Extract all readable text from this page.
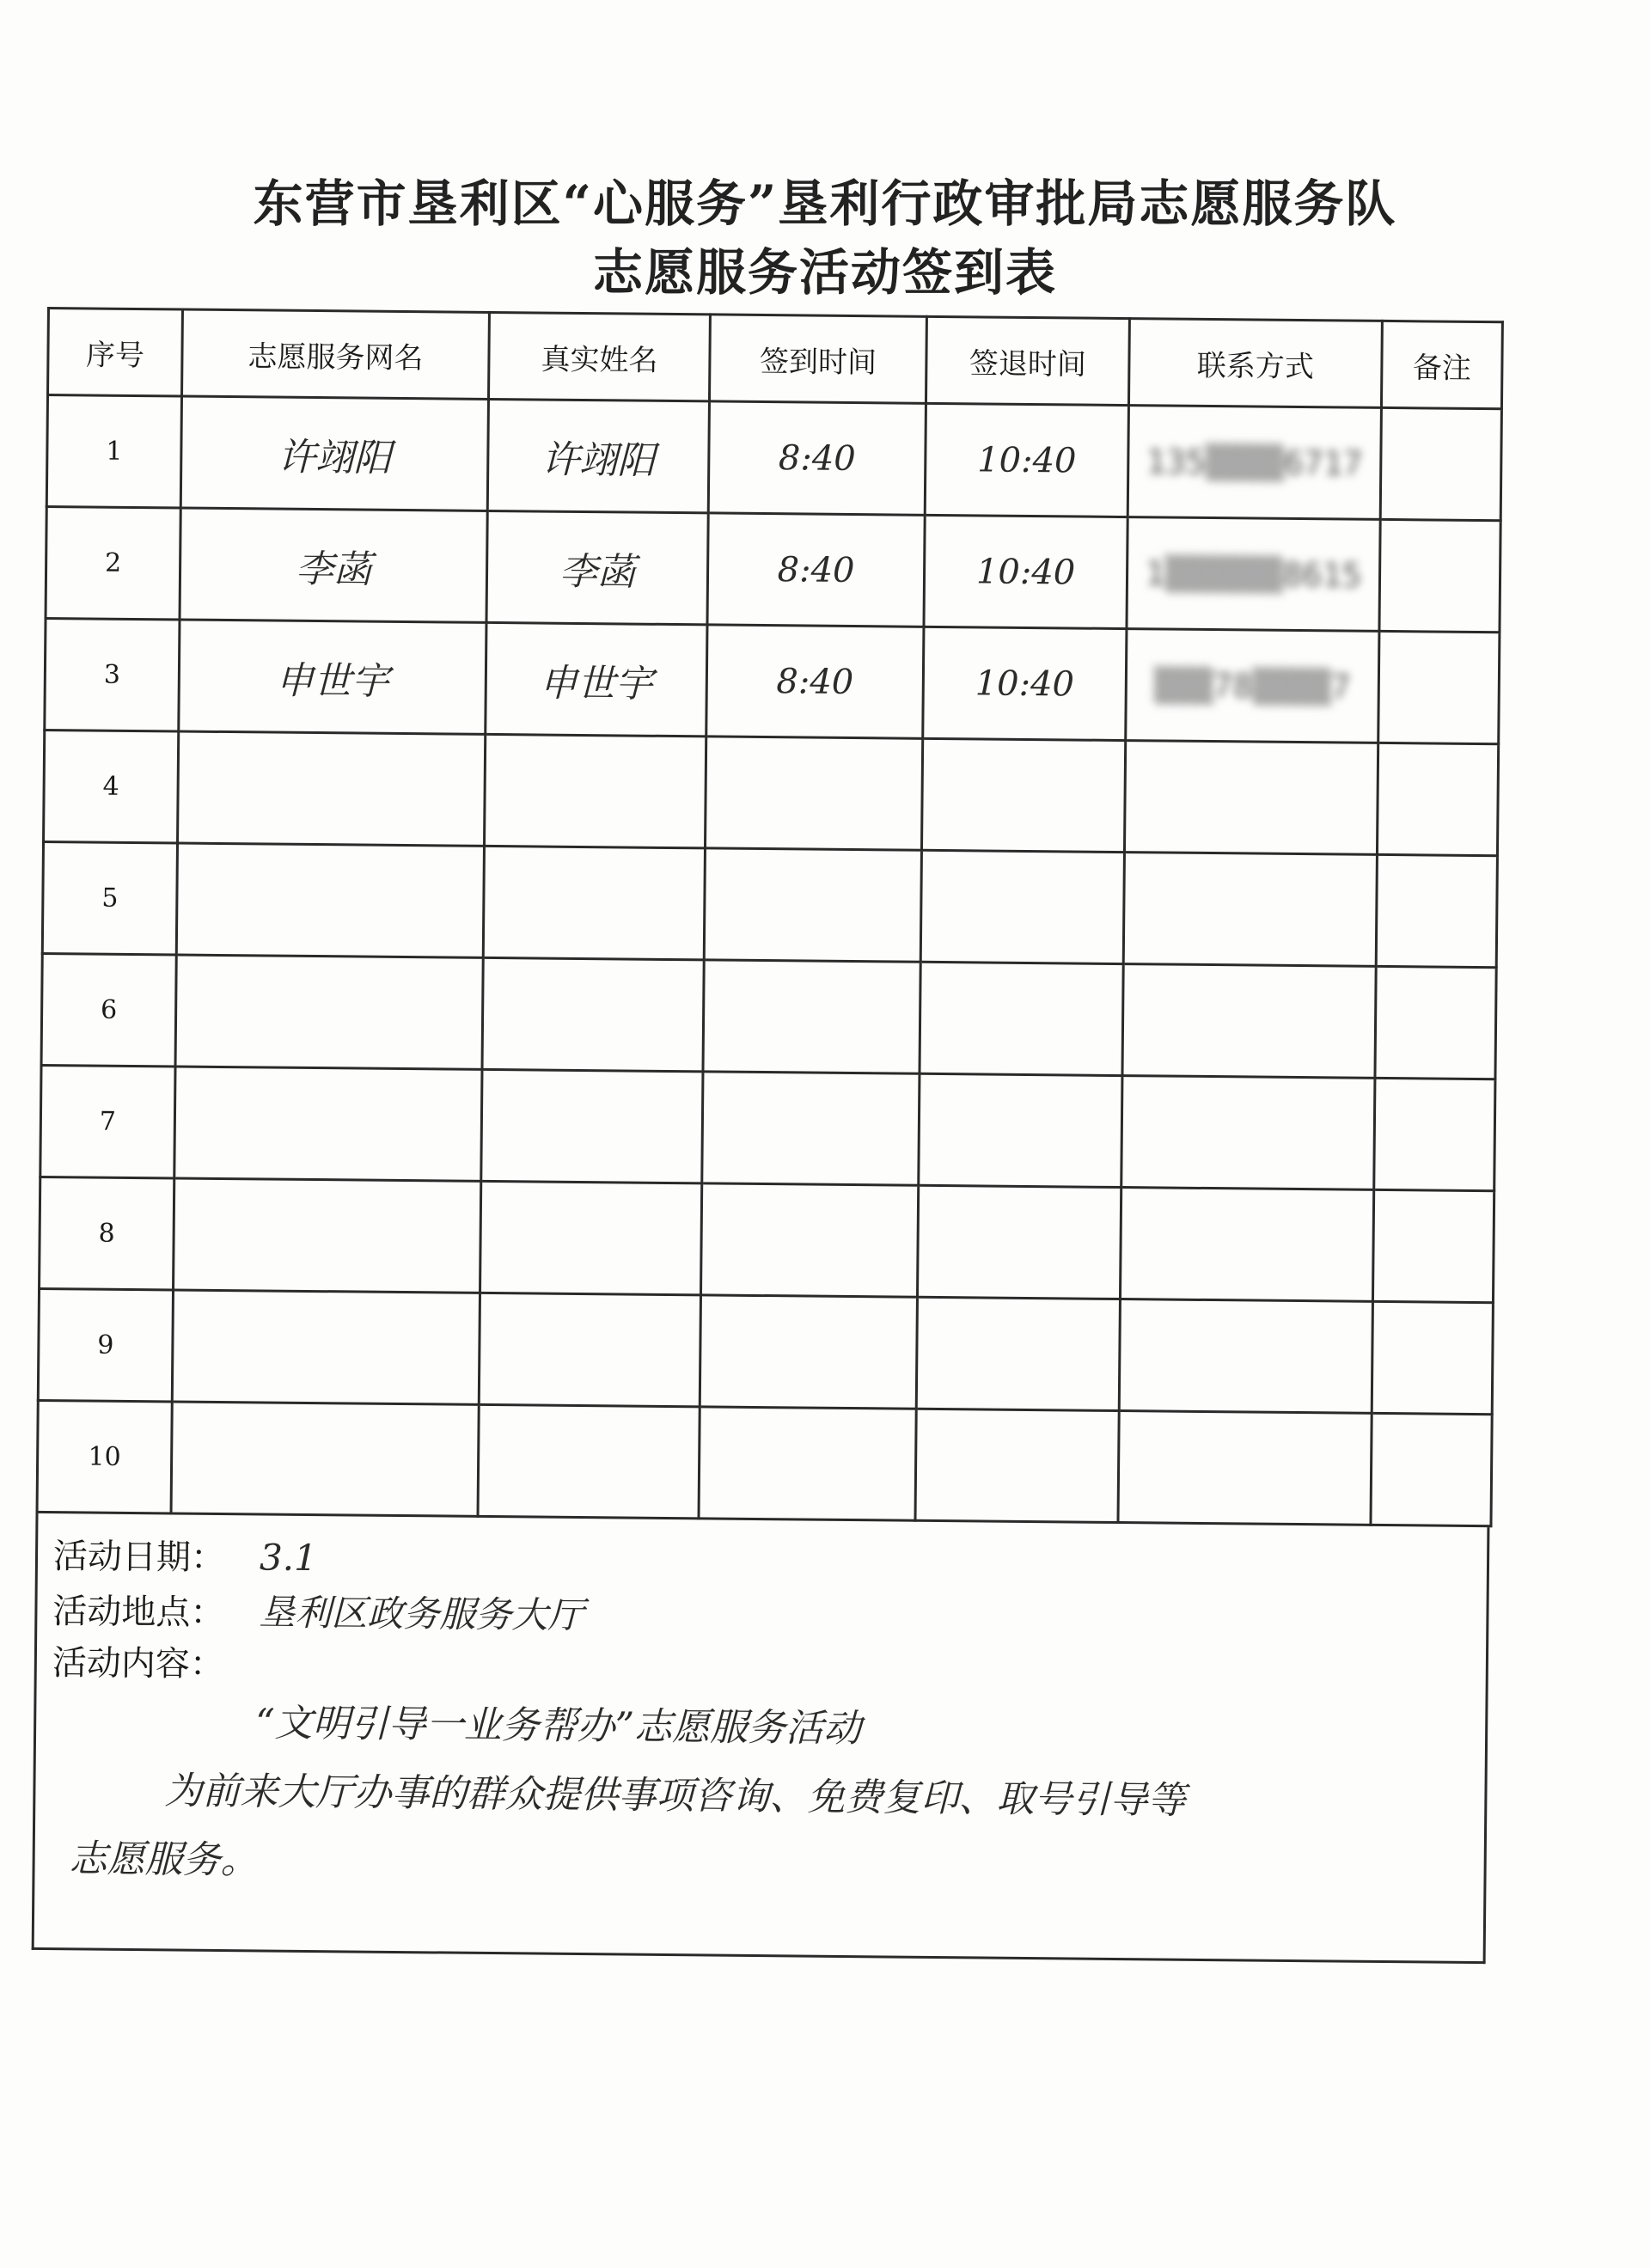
东营市垦利区“心服务”垦利行政审批局志愿服务队
志愿服务活动签到表
序号	志愿服务网名	真实姓名	签到时间	签退时间	联系方式	备注
1	许翊阳	许翊阳	8:40	10:40	135▒▒▒▒6717	
2	李菡	李菡	8:40	10:40	1▒▒▒▒▒▒8615	
3	申世宇	申世宇	8:40	10:40	▒▒▒78▒▒▒▒7	
4						
5						
6						
7						
8						
9						
10						
活动日期： 3.1
活动地点： 垦利区政务服务大厅
活动内容：
“文明引导一业务帮办”志愿服务活动
为前来大厅办事的群众提供事项咨询、免费复印、取号引导等
志愿服务。
